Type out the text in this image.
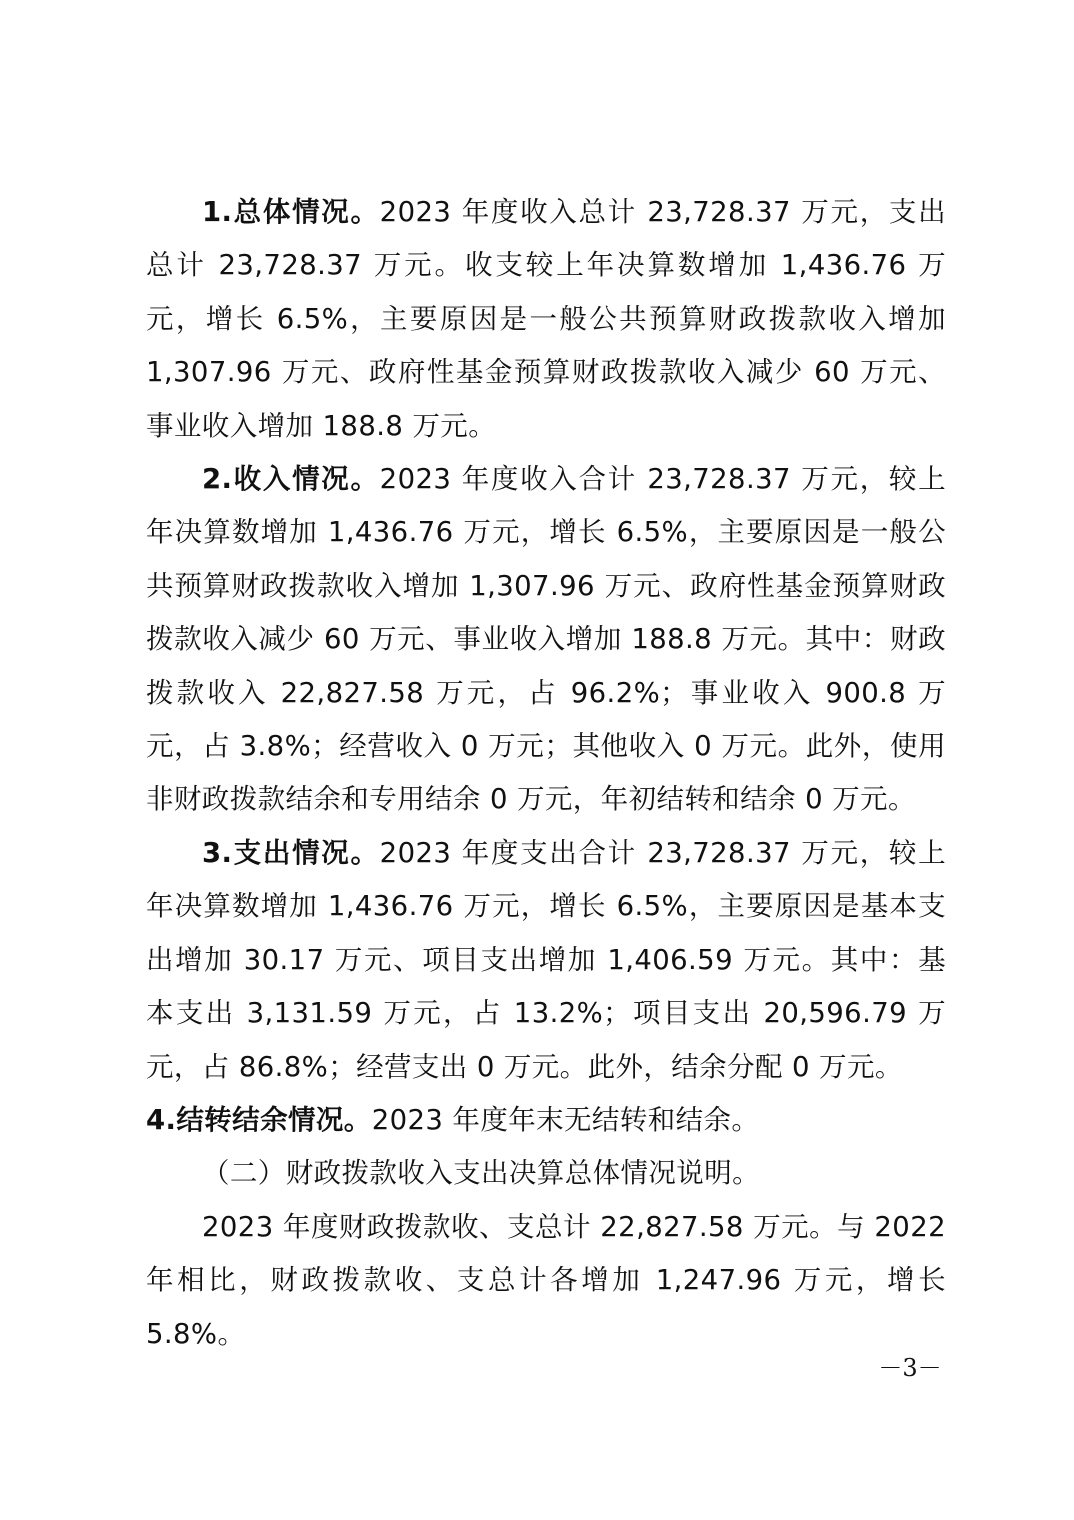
1.总体情况。2023 年度收入总计 23,728.37 万元，支出总计 23,728.37 万元。收支较上年决算数增加 1,436.76 万元，增长 6.5%，主要原因是一般公共预算财政拨款收入增加 1,307.96 万元、政府性基金预算财政拨款收入减少 60 万元、事业收入增加 188.8 万元。

2.收入情况。2023 年度收入合计 23,728.37 万元，较上年决算数增加 1,436.76 万元，增长 6.5%，主要原因是一般公共预算财政拨款收入增加 1,307.96 万元、政府性基金预算财政拨款收入减少 60 万元、事业收入增加 188.8 万元。其中：财政拨款收入 22,827.58 万元，占 96.2%；事业收入 900.8 万元，占 3.8%；经营收入 0 万元；其他收入 0 万元。此外，使用非财政拨款结余和专用结余 0 万元，年初结转和结余 0 万元。

3.支出情况。2023 年度支出合计 23,728.37 万元，较上年决算数增加 1,436.76 万元，增长 6.5%，主要原因是基本支出增加 30.17 万元、项目支出增加 1,406.59 万元。其中：基本支出 3,131.59 万元，占 13.2%；项目支出 20,596.79 万元，占 86.8%；经营支出 0 万元。此外，结余分配 0 万元。

4.结转结余情况。2023 年度年末无结转和结余。

（二）财政拨款收入支出决算总体情况说明。

2023 年度财政拨款收、支总计 22,827.58 万元。与 2022 年相比，财政拨款收、支总计各增加 1,247.96 万元，增长 5.8%。

－3－
